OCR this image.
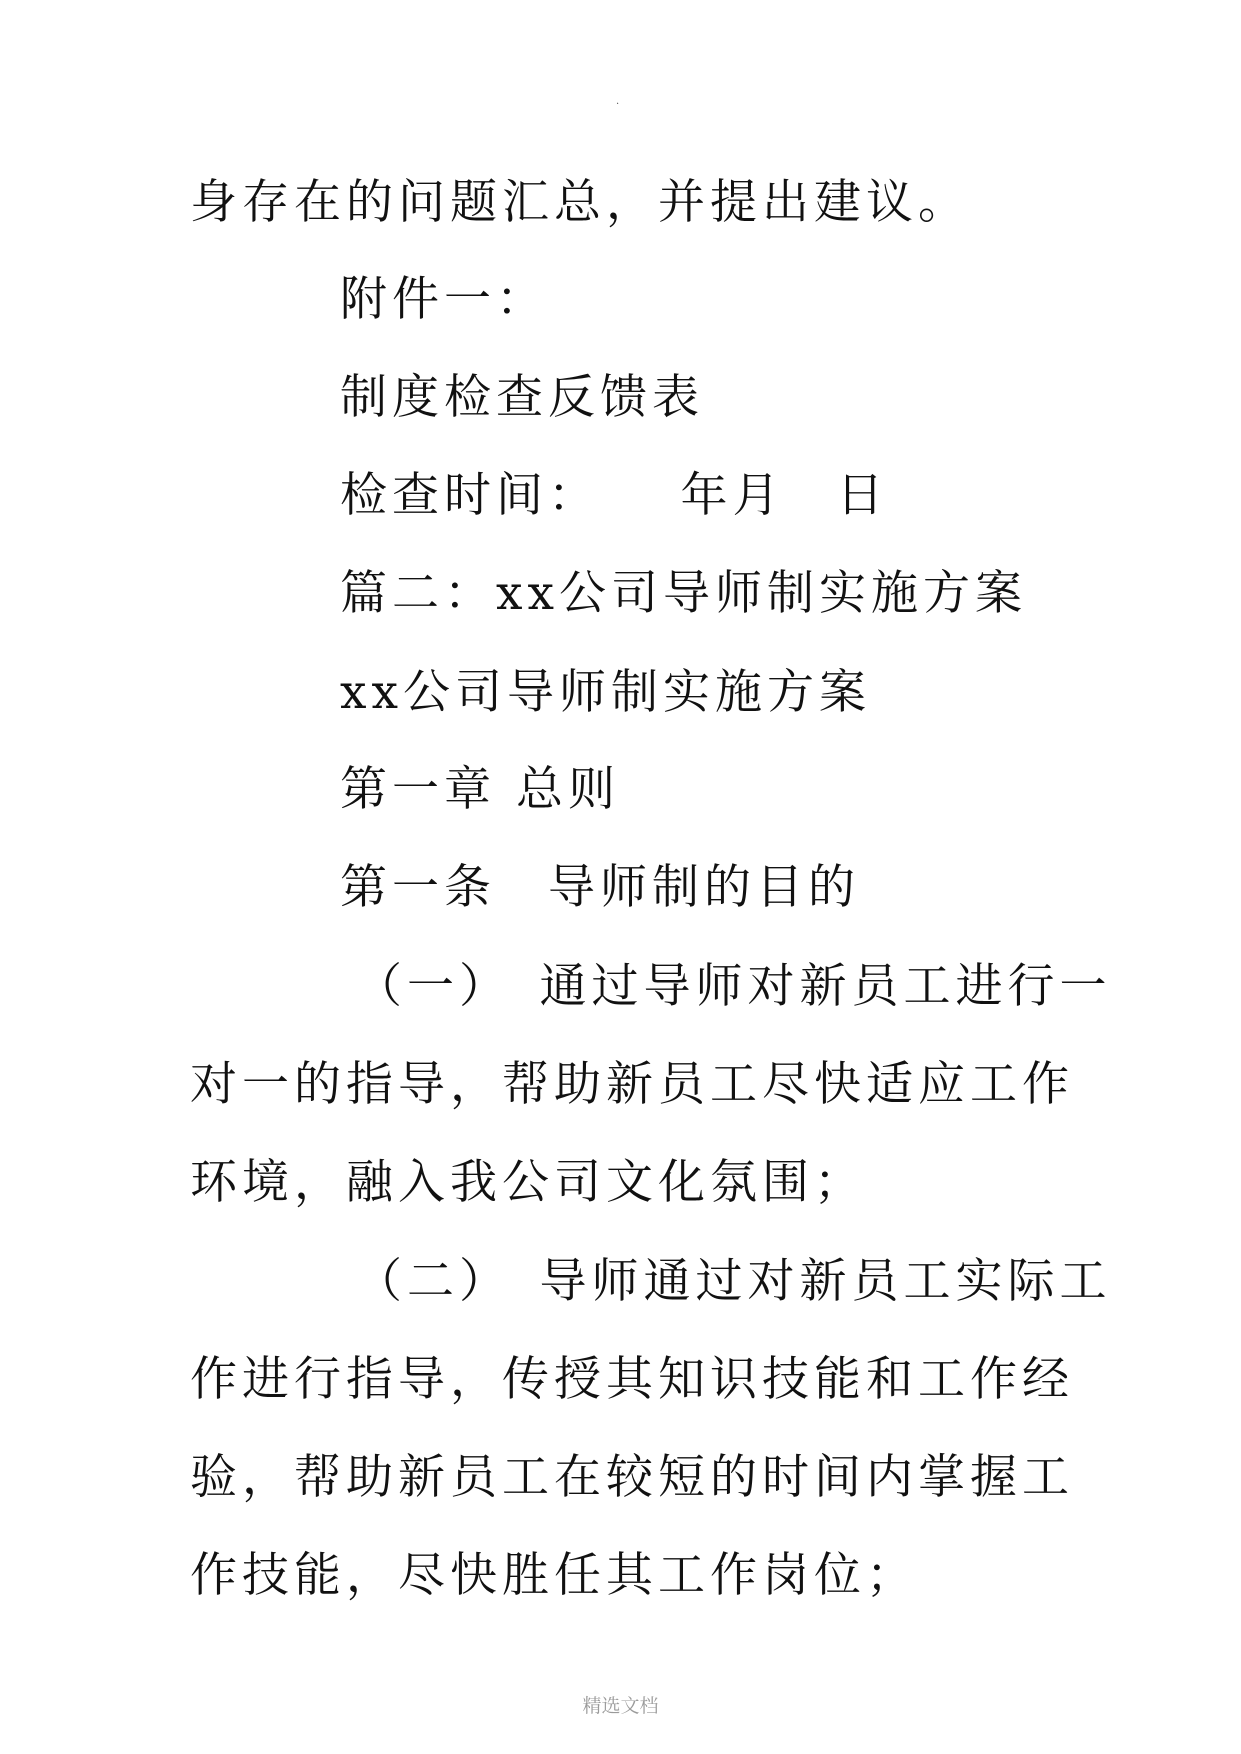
.
身存在的问题汇总，并提出建议。
附件一：
制度检查反馈表
检查时间：　　年月　日
篇二：xx公司导师制实施方案
xx公司导师制实施方案
第一章 总则
第一条　导师制的目的
（一）　通过导师对新员工进行一
对一的指导，帮助新员工尽快适应工作
环境，融入我公司文化氛围；
（二）　导师通过对新员工实际工
作进行指导，传授其知识技能和工作经
验，帮助新员工在较短的时间内掌握工
作技能，尽快胜任其工作岗位；
精选文档
